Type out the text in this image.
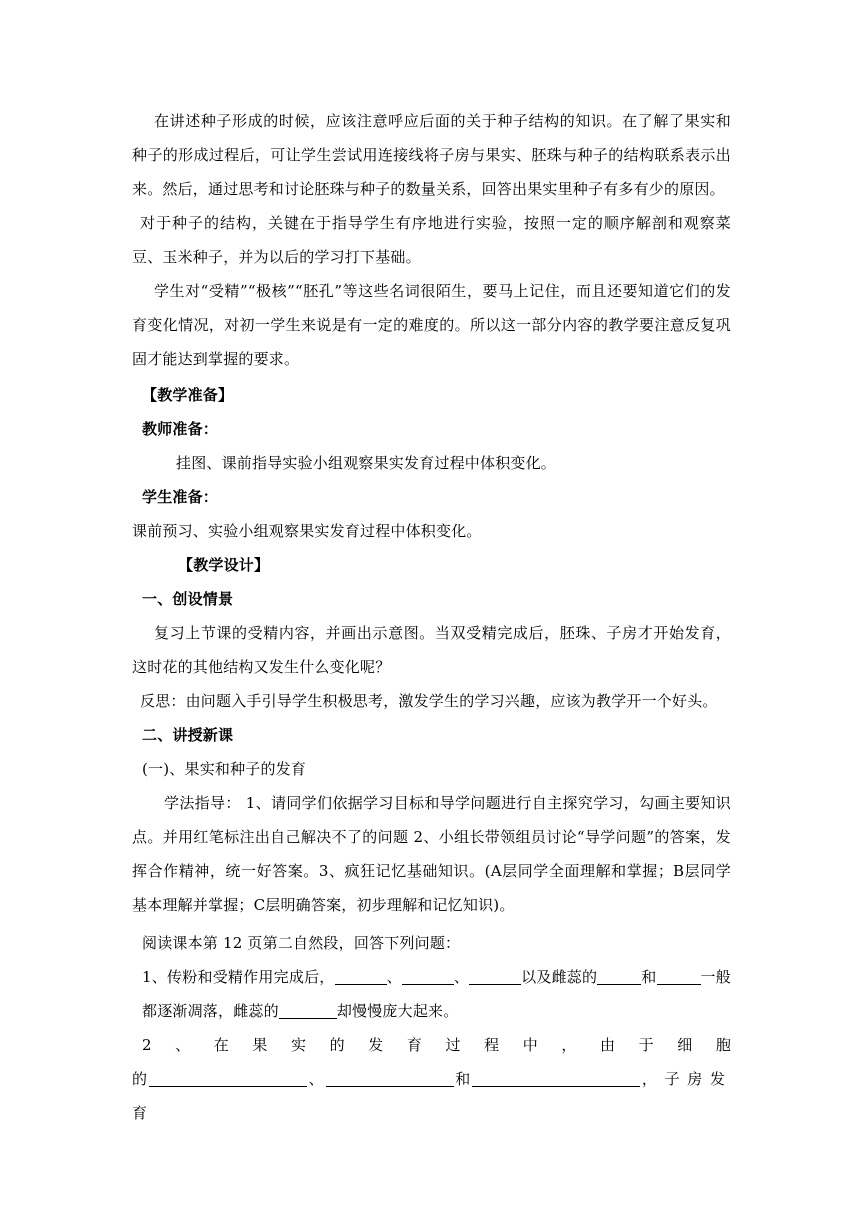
在讲述种子形成的时候，应该注意呼应后面的关于种子结构的知识。在了解了果实和种子的形成过程后，可让学生尝试用连接线将子房与果实、胚珠与种子的结构联系表示出来。然后，通过思考和讨论胚珠与种子的数量关系，回答出果实里种子有多有少的原因。

对于种子的结构，关键在于指导学生有序地进行实验，按照一定的顺序解剖和观察菜豆、玉米种子，并为以后的学习打下基础。

学生对“受精”“极核”“胚孔”等这些名词很陌生，要马上记住，而且还要知道它们的发育变化情况，对初一学生来说是有一定的难度的。所以这一部分内容的教学要注意反复巩固才能达到掌握的要求。

【教学准备】

教师准备：

挂图、课前指导实验小组观察果实发育过程中体积变化。

学生准备：

课前预习、实验小组观察果实发育过程中体积变化。

【教学设计】

一、创设情景

复习上节课的受精内容，并画出示意图。当双受精完成后，胚珠、子房才开始发育，这时花的其他结构又发生什么变化呢？

反思：由问题入手引导学生积极思考，激发学生的学习兴趣，应该为教学开一个好头。

二、讲授新课

(一)、果实和种子的发育

学法指导： 1、请同学们依据学习目标和导学问题进行自主探究学习，勾画主要知识点。并用红笔标注出自己解决不了的问题 2、小组长带领组员讨论“导学问题”的答案，发挥合作精神，统一好答案。3、疯狂记忆基础知识。(A层同学全面理解和掌握；B层同学基本理解并掌握；C层明确答案，初步理解和记忆知识)。

阅读课本第 12 页第二自然段，回答下列问题：

1、传粉和受精作用完成后，	、	、	以及雌蕊的	和	一般都逐渐凋落，雌蕊的	却慢慢庞大起来。

2 、 在 果 实 的 发 育 过 程 中 ， 由 于 细 胞

的	、	和	，子房发育
